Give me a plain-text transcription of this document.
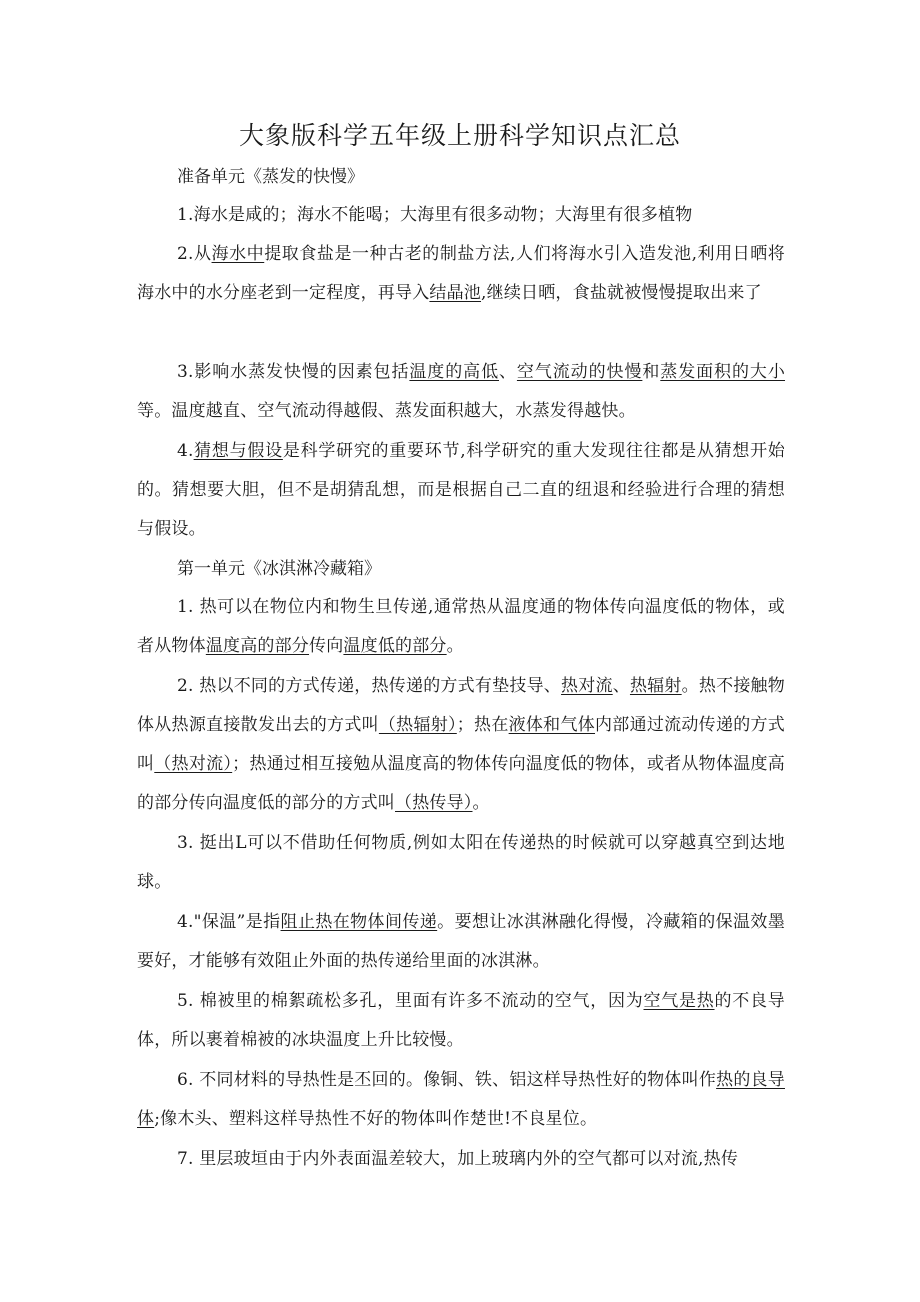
大象版科学五年级上册科学知识点汇总
准备单元《蒸发的快慢》
1.海水是咸的；海水不能喝；大海里有很多动物；大海里有很多植物
2.从海水中提取食盐是一种古老的制盐方法,人们将海水引入造发池,利用日晒将海水中的水分座老到一定程度，再导入结晶池,继续日晒，食盐就被慢慢提取出来了
3.影响水蒸发快慢的因素包括温度的高低、空气流动的快慢和蒸发面积的大小等。温度越直、空气流动得越假、蒸发面积越大，水蒸发得越快。
4.猜想与假设是科学研究的重要环节,科学研究的重大发现往往都是从猜想开始的。猜想要大胆，但不是胡猜乱想，而是根据自己二直的纽退和经验进行合理的猜想与假设。
第一单元《冰淇淋冷藏箱》
1. 热可以在物位内和物生旦传递,通常热从温度通的物体传向温度低的物体，或者从物体温度高的部分传向温度低的部分。
2. 热以不同的方式传递，热传递的方式有垫技导、热对流、热辐射。热不接触物体从热源直接散发出去的方式叫（热辐射）；热在液体和气体内部通过流动传递的方式叫（热对流）；热通过相互接勉从温度高的物体传向温度低的物体，或者从物体温度高的部分传向温度低的部分的方式叫（热传导）。
3. 挺出L可以不借助任何物质,例如太阳在传递热的时候就可以穿越真空到达地球。
4."保温”是指阻止热在物体间传递。要想让冰淇淋融化得慢，冷藏箱的保温效墨要好，才能够有效阻止外面的热传递给里面的冰淇淋。
5. 棉被里的棉絮疏松多孔，里面有许多不流动的空气，因为空气是热的不良导体，所以裹着棉被的冰块温度上升比较慢。
6. 不同材料的导热性是丕回的。像铜、铁、铝这样导热性好的物体叫作热的良导体;像木头、塑料这样导热性不好的物体叫作楚世!不良星位。
7. 里层玻垣由于内外表面温差较大，加上玻璃内外的空气都可以对流,热传
